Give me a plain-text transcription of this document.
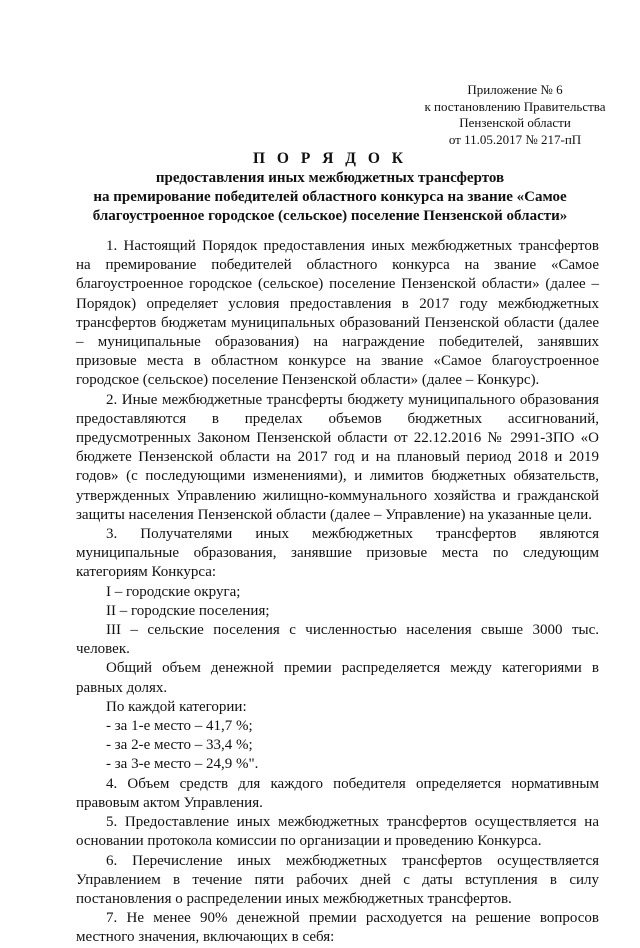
Приложение № 6
к постановлению Правительства
Пензенской области
от 11.05.2017 № 217-пП
П О Р Я Д О К
предоставления иных межбюджетных трансфертов
на премирование победителей областного конкурса на звание «Самое
благоустроенное городское (сельское) поселение Пензенской области»

1. Настоящий Порядок предоставления иных межбюджетных трансфертов на премирование победителей областного конкурса на звание «Самое благоустроенное городское (сельское) поселение Пензенской области» (далее – Порядок) определяет условия предоставления в 2017 году межбюджетных трансфертов бюджетам муниципальных образований Пензенской области (далее – муниципальные образования) на награждение победителей, занявших призовые места в областном конкурсе на звание «Самое благоустроенное городское (сельское) поселение Пензенской области» (далее – Конкурс).

2. Иные межбюджетные трансферты бюджету муниципального образования предоставляются в пределах объемов бюджетных ассигнований, предусмотренных Законом Пензенской области от 22.12.2016 № 2991-ЗПО «О бюджете Пензенской области на 2017 год и на плановый период 2018 и 2019 годов» (с последующими изменениями), и лимитов бюджетных обязательств, утвержденных Управлению жилищно-коммунального хозяйства и гражданской защиты населения Пензенской области (далее – Управление) на указанные цели.

3. Получателями иных межбюджетных трансфертов являются муниципальные образования, занявшие призовые места по следующим категориям Конкурса:

I – городские округа;

II – городские поселения;

III – сельские поселения с численностью населения свыше 3000 тыс. человек.

Общий объем денежной премии распределяется между категориями в равных долях.

По каждой категории:

- за 1-е место – 41,7 %;

- за 2-е место – 33,4 %;

- за 3-е место – 24,9 %".

4. Объем средств для каждого победителя определяется нормативным правовым актом Управления.

5. Предоставление иных межбюджетных трансфертов осуществляется на основании протокола комиссии по организации и проведению Конкурса.

6. Перечисление иных межбюджетных трансфертов осуществляется Управлением в течение пяти рабочих дней с даты вступления в силу постановления о распределении иных межбюджетных трансфертов.

7. Не менее 90% денежной премии расходуется на решение вопросов местного значения, включающих в себя:
